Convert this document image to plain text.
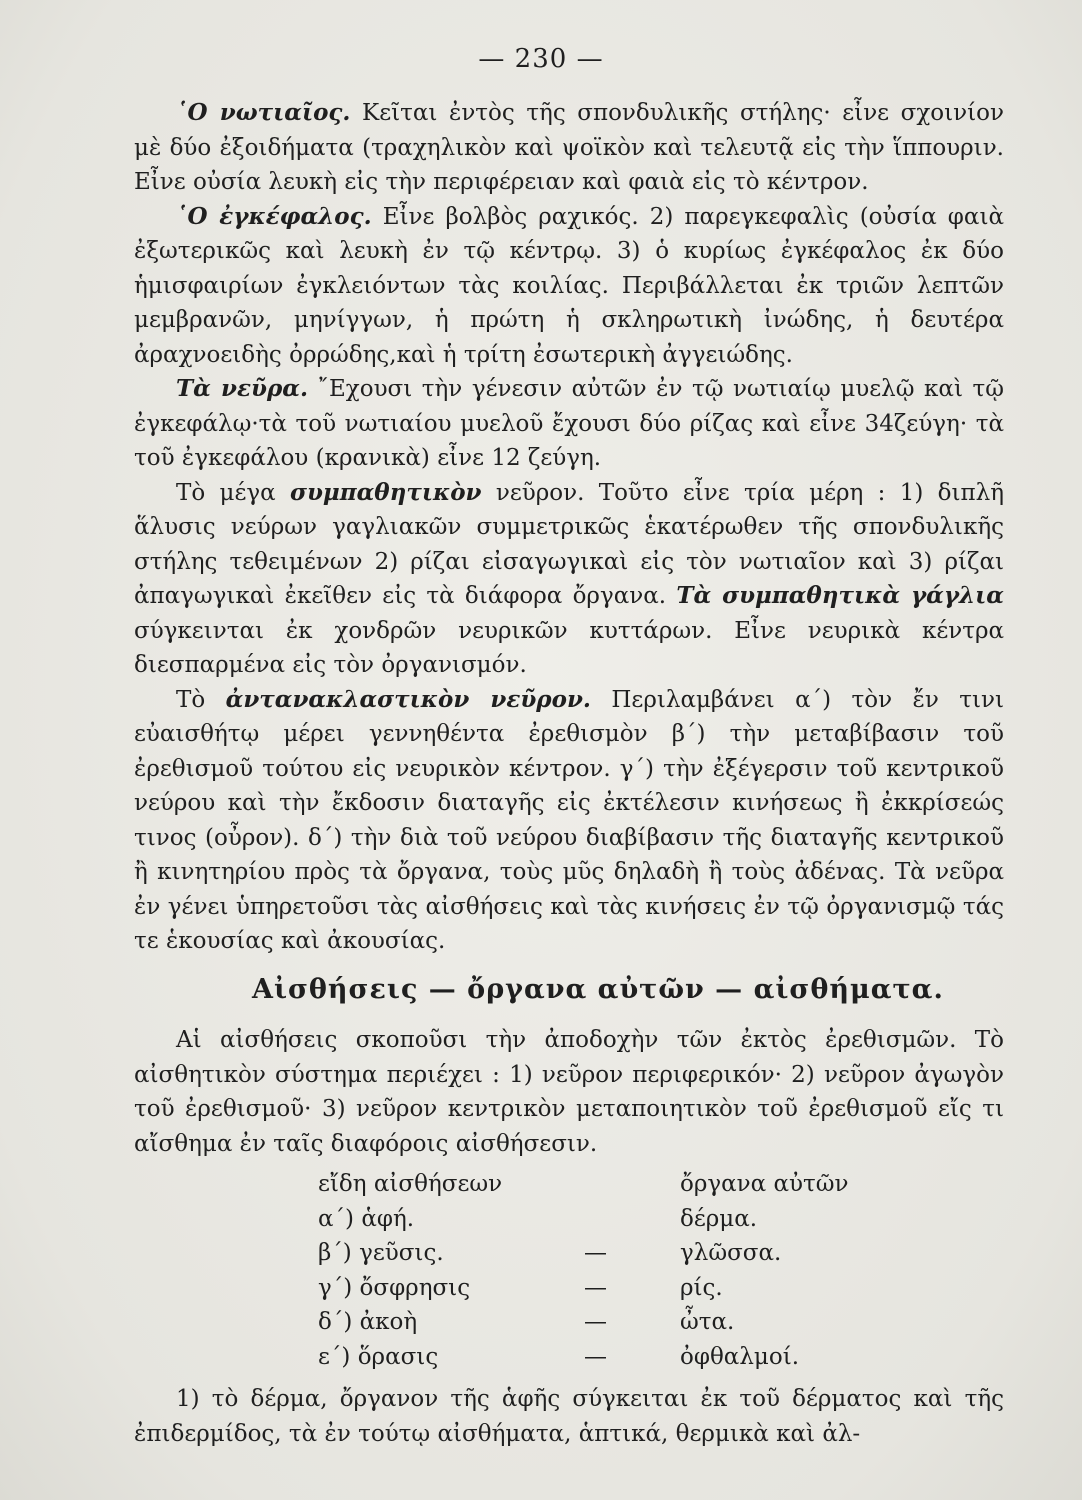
— 230 —

῾Ο νωτιαῖος. Κεῖται ἐντὸς τῆς σπονδυλικῆς στήλης· εἶνε σχοινίον μὲ δύο ἐξοιδήματα (τραχηλικὸν καὶ ψοϊκὸν καὶ τελευτᾷ εἰς τὴν ἵππουριν. Εἶνε οὐσία λευκὴ εἰς τὴν περιφέρειαν καὶ φαιὰ εἰς τὸ κέντρον.

῾Ο ἐγκέφαλος. Εἶνε βολβὸς ραχικός. 2) παρεγκεφαλὶς (οὐσία φαιὰ ἐξωτερικῶς καὶ λευκὴ ἐν τῷ κέντρῳ. 3) ὁ κυρίως ἐγκέφαλος ἐκ δύο ἡμισφαιρίων ἐγκλειόντων τὰς κοιλίας. Περιβάλλεται ἐκ τριῶν λεπτῶν μεμβρανῶν, μηνίγγων, ἡ πρώτη ἡ σκληρωτικὴ ἰνώδης, ἡ δευτέρα ἀραχνοειδὴς ὀρρώδης,καὶ ἡ τρίτη ἐσωτερικὴ ἀγγειώδης.

Τὰ νεῦρα. ῎Εχουσι τὴν γένεσιν αὐτῶν ἐν τῷ νωτιαίῳ μυελῷ καὶ τῷ ἐγκεφάλῳ·τὰ τοῦ νωτιαίου μυελοῦ ἔχουσι δύο ρίζας καὶ εἶνε 34ζεύγη· τὰ τοῦ ἐγκεφάλου (κρανικὰ) εἶνε 12 ζεύγη.

Τὸ μέγα συμπαθητικὸν νεῦρον. Τοῦτο εἶνε τρία μέρη : 1) διπλῆ ἅλυσις νεύρων γαγλιακῶν συμμετρικῶς ἑκατέρωθεν τῆς σπονδυλικῆς στήλης τεθειμένων 2) ρίζαι εἰσαγωγικαὶ εἰς τὸν νωτιαῖον καὶ 3) ρίζαι ἀπαγωγικαὶ ἐκεῖθεν εἰς τὰ διάφορα ὄργανα. Τὰ συμπαθητικὰ γάγλια σύγκεινται ἐκ χονδρῶν νευρικῶν κυττάρων. Εἶνε νευρικὰ κέντρα διεσπαρμένα εἰς τὸν ὀργανισμόν.

Τὸ ἀντανακλαστικὸν νεῦρον. Περιλαμβάνει α΄) τὸν ἔν τινι εὐαισθήτῳ μέρει γεννηθέντα ἐρεθισμὸν β΄) τὴν μεταβίβασιν τοῦ ἐρεθισμοῦ τούτου εἰς νευρικὸν κέντρον. γ΄) τὴν ἐξέγερσιν τοῦ κεντρικοῦ νεύρου καὶ τὴν ἔκδοσιν διαταγῆς εἰς ἐκτέλεσιν κινήσεως ἢ ἐκκρίσεώς τινος (οὖρον). δ΄) τὴν διὰ τοῦ νεύρου διαβίβασιν τῆς διαταγῆς κεντρικοῦ ἢ κινητηρίου πρὸς τὰ ὄργανα, τοὺς μῦς δηλαδὴ ἢ τοὺς ἀδένας. Τὰ νεῦρα ἐν γένει ὑπηρετοῦσι τὰς αἰσθήσεις καὶ τὰς κινήσεις ἐν τῷ ὀργανισμῷ τάς τε ἑκουσίας καὶ ἀκουσίας.

Αἰσθήσεις — ὄργανα αὐτῶν — αἰσθήματα.

Αἱ αἰσθήσεις σκοποῦσι τὴν ἀποδοχὴν τῶν ἐκτὸς ἐρεθισμῶν. Τὸ αἰσθητικὸν σύστημα περιέχει : 1) νεῦρον περιφερικόν· 2) νεῦρον ἀγωγὸν τοῦ ἐρεθισμοῦ· 3) νεῦρον κεντρικὸν μεταποιητικὸν τοῦ ἐρεθισμοῦ εἴς τι αἴσθημα ἐν ταῖς διαφόροις αἰσθήσεσιν.

εἴδη αἰσθήσεων		ὄργανα αὐτῶν
α΄) ἁφή.		δέρμα.
β΄) γεῦσις.	—	γλῶσσα.
γ΄) ὄσφρησις	—	ρίς.
δ΄) ἀκοὴ	—	ὦτα.
ε΄) ὅρασις	—	ὀφθαλμοί.

1) τὸ δέρμα, ὄργανον τῆς ἁφῆς σύγκειται ἐκ τοῦ δέρματος καὶ τῆς ἐπιδερμίδος, τὰ ἐν τούτῳ αἰσθήματα, ἁπτικά, θερμικὰ καὶ ἀλ-
